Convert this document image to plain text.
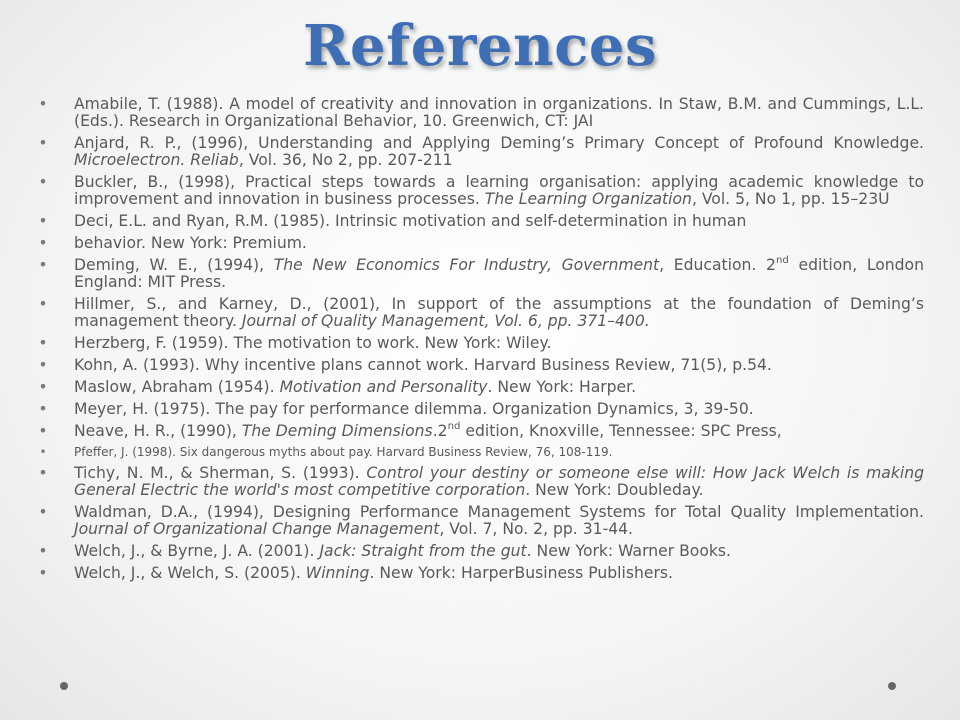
References
• Amabile, T. (1988). A model of creativity and innovation in organizations. In Staw, B.M. and Cummings, L.L. (Eds.). Research in Organizational Behavior, 10. Greenwich, CT: JAI
• Anjard, R. P., (1996), Understanding and Applying Deming’s Primary Concept of Profound Knowledge. Microelectron. Reliab, Vol. 36, No 2, pp. 207-211
• Buckler, B., (1998), Practical steps towards a learning organisation: applying academic knowledge to improvement and innovation in business processes. The Learning Organization, Vol. 5, No 1, pp. 15–23U
• Deci, E.L. and Ryan, R.M. (1985). Intrinsic motivation and self-determination in human
• behavior. New York: Premium.
• Deming, W. E., (1994), The New Economics For Industry, Government, Education. 2nd edition, London England: MIT Press.
• Hillmer, S., and Karney, D., (2001), In support of the assumptions at the foundation of Deming’s management theory. Journal of Quality Management, Vol. 6, pp. 371–400.
• Herzberg, F. (1959). The motivation to work. New York: Wiley.
• Kohn, A. (1993). Why incentive plans cannot work. Harvard Business Review, 71(5), p.54.
• Maslow, Abraham (1954). Motivation and Personality. New York: Harper.
• Meyer, H. (1975). The pay for performance dilemma. Organization Dynamics, 3, 39-50.
• Neave, H. R., (1990), The Deming Dimensions.2nd edition, Knoxville, Tennessee: SPC Press,
• Pfeffer, J. (1998). Six dangerous myths about pay. Harvard Business Review, 76, 108-119.
• Tichy, N. M., & Sherman, S. (1993). Control your destiny or someone else will: How Jack Welch is making General Electric the world's most competitive corporation. New York: Doubleday.
• Waldman, D.A., (1994), Designing Performance Management Systems for Total Quality Implementation. Journal of Organizational Change Management, Vol. 7, No. 2, pp. 31-44.
• Welch, J., & Byrne, J. A. (2001). Jack: Straight from the gut. New York: Warner Books.
• Welch, J., & Welch, S. (2005). Winning. New York: HarperBusiness Publishers.
